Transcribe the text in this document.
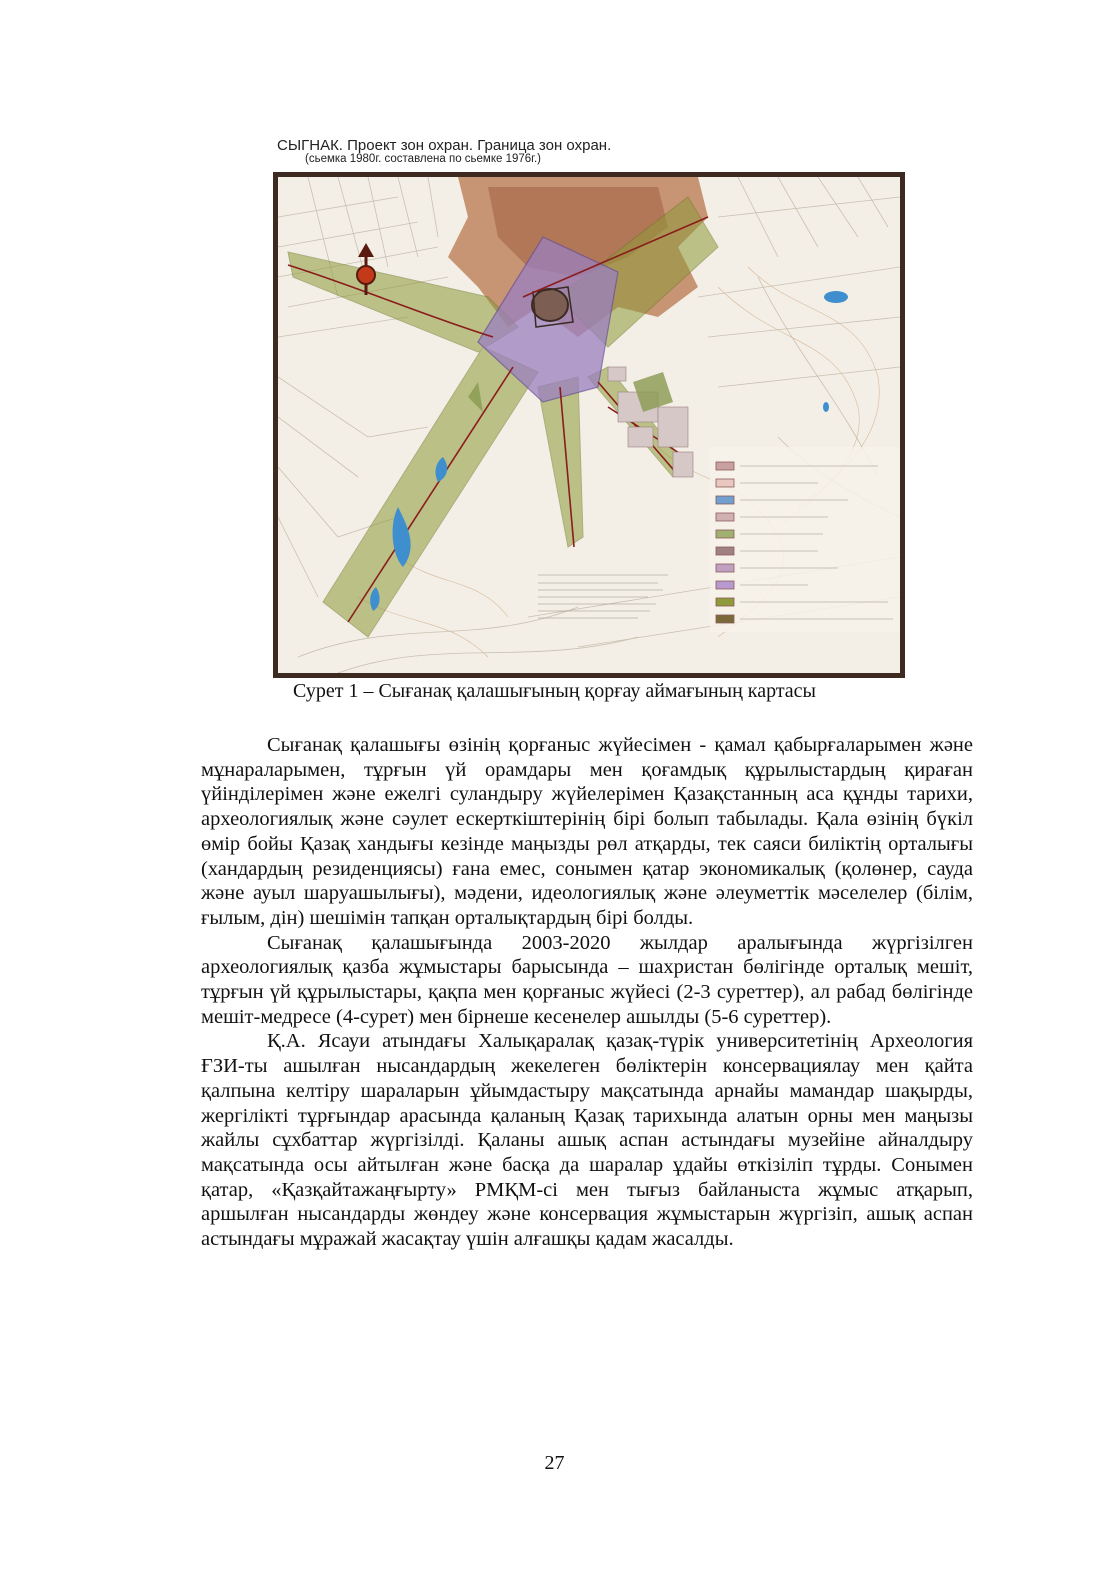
СЫГНАК. Проект зон охран. Граница зон охран.
(сьемка 1980г. составлена по сьемке 1976г.)
Сурет 1 – Сығанақ қалашығының қорғау аймағының картасы

Сығанақ қалашығы өзінің қорғаныс жүйесімен - қамал қабырғаларымен және мұнараларымен, тұрғын үй орамдары мен қоғамдық құрылыстардың қираған үйінділерімен және ежелгі суландыру жүйелерімен Қазақстанның аса құнды тарихи, археологиялық және сәулет ескерткіштерінің бірі болып табылады. Қала өзінің бүкіл өмір бойы Қазақ хандығы кезінде маңызды рөл атқарды, тек саяси биліктің орталығы (хандардың резиденциясы) ғана емес, сонымен қатар экономикалық (қолөнер, сауда және ауыл шаруашылығы), мәдени, идеологиялық және әлеуметтік мәселелер (білім, ғылым, дін) шешімін тапқан орталықтардың бірі болды.

Сығанақ қалашығында 2003-2020 жылдар аралығында жүргізілген археологиялық қазба жұмыстары барысында – шахристан бөлігінде орталық мешіт, тұрғын үй құрылыстары, қақпа мен қорғаныс жүйесі (2-3 суреттер), ал рабад бөлігінде мешіт-медресе (4-сурет) мен бірнеше кесенелер ашылды (5-6 суреттер).

Қ.А. Ясауи атындағы Халықаралақ қазақ-түрік университетінің Археология ҒЗИ-ты ашылған нысандардың жекелеген бөліктерін консервациялау мен қайта қалпына келтіру шараларын ұйымдастыру мақсатында арнайы мамандар шақырды, жергілікті тұрғындар арасында қаланың Қазақ тарихында алатын орны мен маңызы жайлы сұхбаттар жүргізілді. Қаланы ашық аспан астындағы музейіне айналдыру мақсатында осы айтылған және басқа да шаралар ұдайы өткізіліп тұрды. Сонымен қатар, «Қазқайтажаңғырту» РМҚМ-сі мен тығыз байланыста жұмыс атқарып, аршылған нысандарды жөндеу және консервация жұмыстарын жүргізіп, ашық аспан астындағы мұражай жасақтау үшін алғашқы қадам жасалды.

27
